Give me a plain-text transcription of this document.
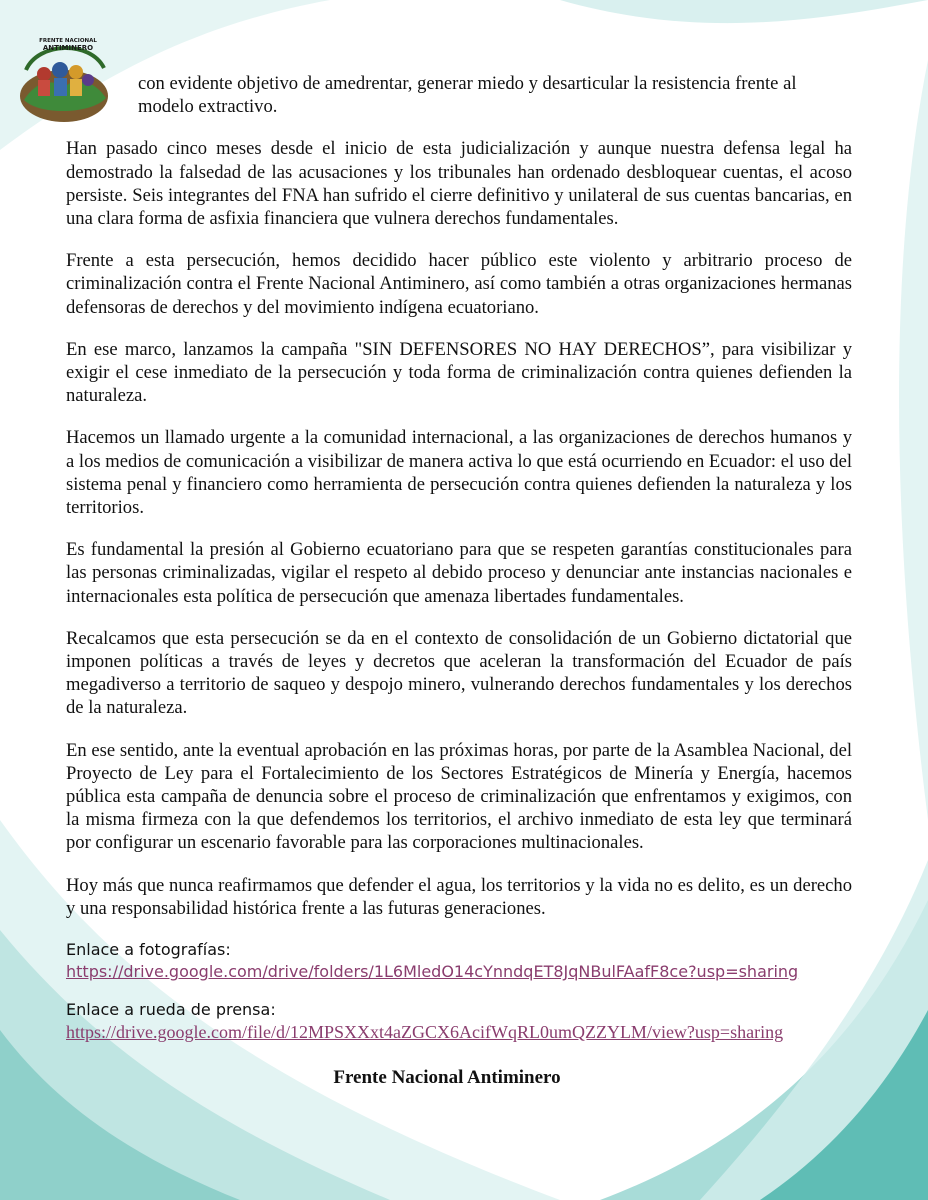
FRENTE NACIONAL
ANTIMINERO

con evidente objetivo de amedrentar, generar miedo y desarticular la resistencia frente al modelo extractivo.

Han pasado cinco meses desde el inicio de esta judicialización y aunque nuestra defensa legal ha demostrado la falsedad de las acusaciones y los tribunales han ordenado desbloquear cuentas, el acoso persiste. Seis integrantes del FNA han sufrido el cierre definitivo y unilateral de sus cuentas bancarias, en una clara forma de asfixia financiera que vulnera derechos fundamentales.

Frente a esta persecución, hemos decidido hacer público este violento y arbitrario proceso de criminalización contra el Frente Nacional Antiminero, así como también a otras organizaciones hermanas defensoras de derechos y del movimiento indígena ecuatoriano.

En ese marco, lanzamos la campaña "SIN DEFENSORES NO HAY DERECHOS”, para visibilizar y exigir el cese inmediato de la persecución y toda forma de criminalización contra quienes defienden la naturaleza.

Hacemos un llamado urgente a la comunidad internacional, a las organizaciones de derechos humanos y a los medios de comunicación a visibilizar de manera activa lo que está ocurriendo en Ecuador: el uso del sistema penal y financiero como herramienta de persecución contra quienes defienden la naturaleza y los territorios.

Es fundamental la presión al Gobierno ecuatoriano para que se respeten garantías constitucionales para las personas criminalizadas, vigilar el respeto al debido proceso y denunciar ante instancias nacionales e internacionales esta política de persecución que amenaza libertades fundamentales.

Recalcamos que esta persecución se da en el contexto de consolidación de un Gobierno dictatorial que imponen políticas a través de leyes y decretos que aceleran la transformación del Ecuador de país megadiverso a territorio de saqueo y despojo minero, vulnerando derechos fundamentales y los derechos de la naturaleza.

En ese sentido, ante la eventual aprobación en las próximas horas, por parte de la Asamblea Nacional, del Proyecto de Ley para el Fortalecimiento de los Sectores Estratégicos de Minería y Energía, hacemos pública esta campaña de denuncia sobre el proceso de criminalización que enfrentamos y exigimos, con la misma firmeza con la que defendemos los territorios, el archivo inmediato de esta ley que terminará por configurar un escenario favorable para las corporaciones multinacionales.

Hoy más que nunca reafirmamos que defender el agua, los territorios y la vida no es delito, es un derecho y una responsabilidad histórica frente a las futuras generaciones.

Enlace a fotografías:

https://drive.google.com/drive/folders/1L6MledO14cYnndqET8JqNBulFAafF8ce?usp=sharing

Enlace a rueda de prensa:

https://drive.google.com/file/d/12MPSXXxt4aZGCX6AcifWqRL0umQZZYLM/view?usp=sharing
Frente Nacional Antiminero
